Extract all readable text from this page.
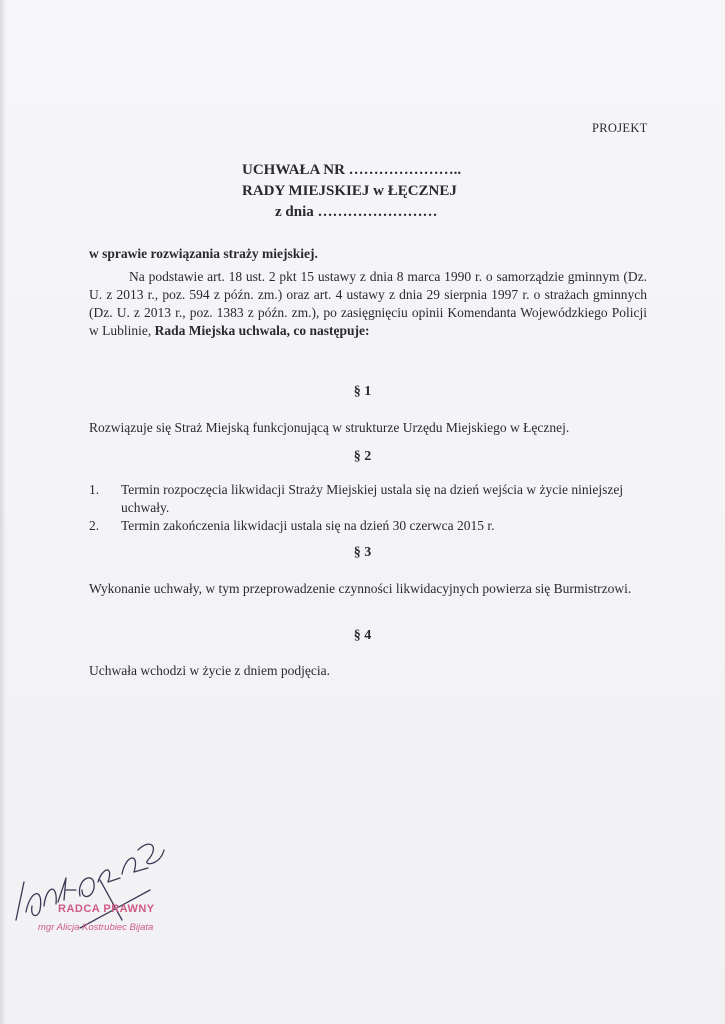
PROJEKT
UCHWAŁA NR …………………..
RADY MIEJSKIEJ w ŁĘCZNEJ
z dnia ……………………
w sprawie rozwiązania straży miejskiej.
Na podstawie art. 18 ust. 2 pkt 15 ustawy z dnia 8 marca 1990 r. o samorządzie gminnym (Dz. U. z 2013 r., poz. 594 z późn. zm.) oraz art. 4 ustawy z dnia 29 sierpnia 1997 r. o strażach gminnych (Dz. U. z 2013 r., poz. 1383 z późn. zm.), po zasięgnięciu opinii Komendanta Wojewódzkiego Policji w Lublinie, Rada Miejska uchwala, co następuje:
§ 1
Rozwiązuje się Straż Miejską funkcjonującą w strukturze Urzędu Miejskiego w Łęcznej.
§ 2
1. Termin rozpoczęcia likwidacji Straży Miejskiej ustala się na dzień wejścia w życie niniejszej uchwały.
2. Termin zakończenia likwidacji ustala się na dzień 30 czerwca 2015 r.
§ 3
Wykonanie uchwały, w tym przeprowadzenie czynności likwidacyjnych powierza się Burmistrzowi.
§ 4
Uchwała wchodzi w życie z dniem podjęcia.
RADCA PRAWNY
mgr Alicja Kostrubiec Bijata
